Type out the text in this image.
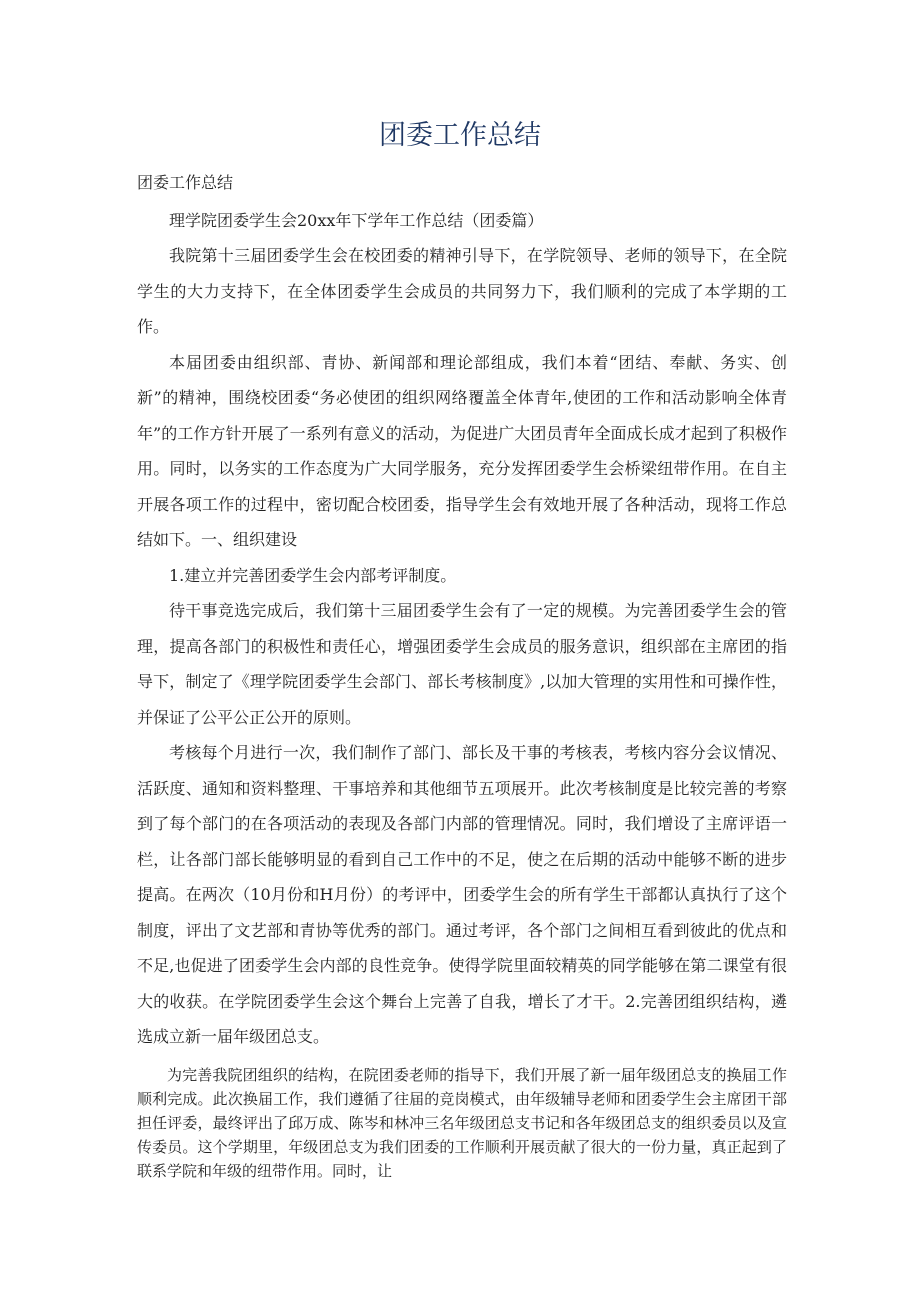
团委工作总结

团委工作总结

理学院团委学生会20xx年下学年工作总结（团委篇）

我院第十三届团委学生会在校团委的精神引导下，在学院领导、老师的领导下，在全院学生的大力支持下，在全体团委学生会成员的共同努力下，我们顺利的完成了本学期的工作。

本届团委由组织部、青协、新闻部和理论部组成，我们本着“团结、奉献、务实、创新”的精神，围绕校团委“务必使团的组织网络覆盖全体青年,使团的工作和活动影响全体青年”的工作方针开展了一系列有意义的活动，为促进广大团员青年全面成长成才起到了积极作用。同时，以务实的工作态度为广大同学服务，充分发挥团委学生会桥梁纽带作用。在自主开展各项工作的过程中，密切配合校团委，指导学生会有效地开展了各种活动，现将工作总结如下。一、组织建设

1.建立并完善团委学生会内部考评制度。

待干事竞选完成后，我们第十三届团委学生会有了一定的规模。为完善团委学生会的管理，提高各部门的积极性和责任心，增强团委学生会成员的服务意识，组织部在主席团的指导下，制定了《理学院团委学生会部门、部长考核制度》,以加大管理的实用性和可操作性，并保证了公平公正公开的原则。

考核每个月进行一次，我们制作了部门、部长及干事的考核表，考核内容分会议情况、活跃度、通知和资料整理、干事培养和其他细节五项展开。此次考核制度是比较完善的考察到了每个部门的在各项活动的表现及各部门内部的管理情况。同时，我们增设了主席评语一栏，让各部门部长能够明显的看到自己工作中的不足，使之在后期的活动中能够不断的进步提高。在两次（10月份和H月份）的考评中，团委学生会的所有学生干部都认真执行了这个制度，评出了文艺部和青协等优秀的部门。通过考评，各个部门之间相互看到彼此的优点和不足,也促进了团委学生会内部的良性竞争。使得学院里面较精英的同学能够在第二课堂有很大的收获。在学院团委学生会这个舞台上完善了自我，增长了才干。2.完善团组织结构，遴选成立新一届年级团总支。

为完善我院团组织的结构，在院团委老师的指导下，我们开展了新一届年级团总支的换届工作顺利完成。此次换届工作，我们遵循了往届的竞岗模式，由年级辅导老师和团委学生会主席团干部担任评委，最终评出了邱万成、陈岑和林冲三名年级团总支书记和各年级团总支的组织委员以及宣传委员。这个学期里，年级团总支为我们团委的工作顺利开展贡献了很大的一份力量，真正起到了联系学院和年级的纽带作用。同时，让
